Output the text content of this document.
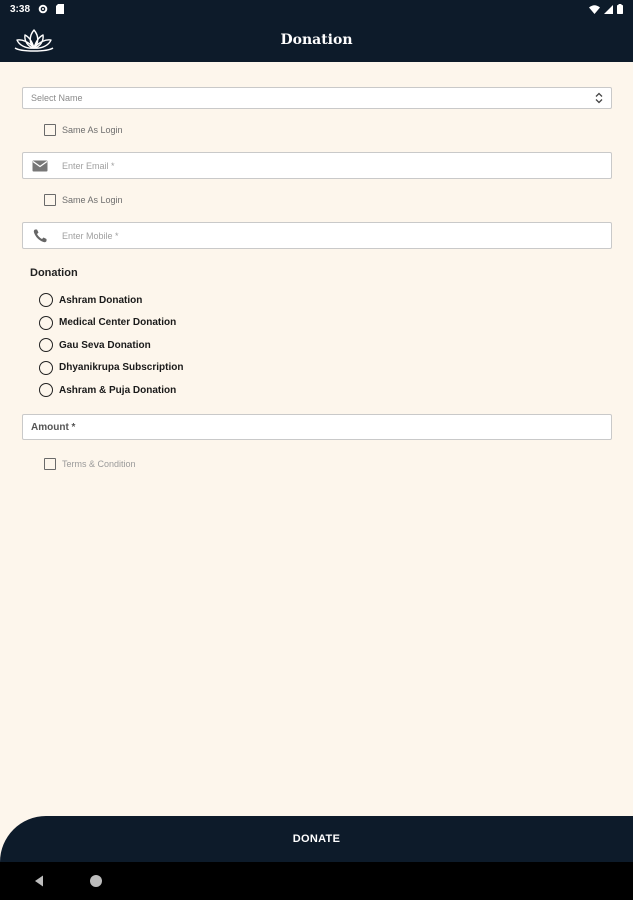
3:38
Donation
Select Name
Same As Login
Enter Email *
Same As Login
Enter Mobile *
Donation
Ashram Donation
Medical Center Donation
Gau Seva Donation
Dhyanikrupa Subscription
Ashram & Puja Donation
Amount *
Terms & Condition
DONATE
